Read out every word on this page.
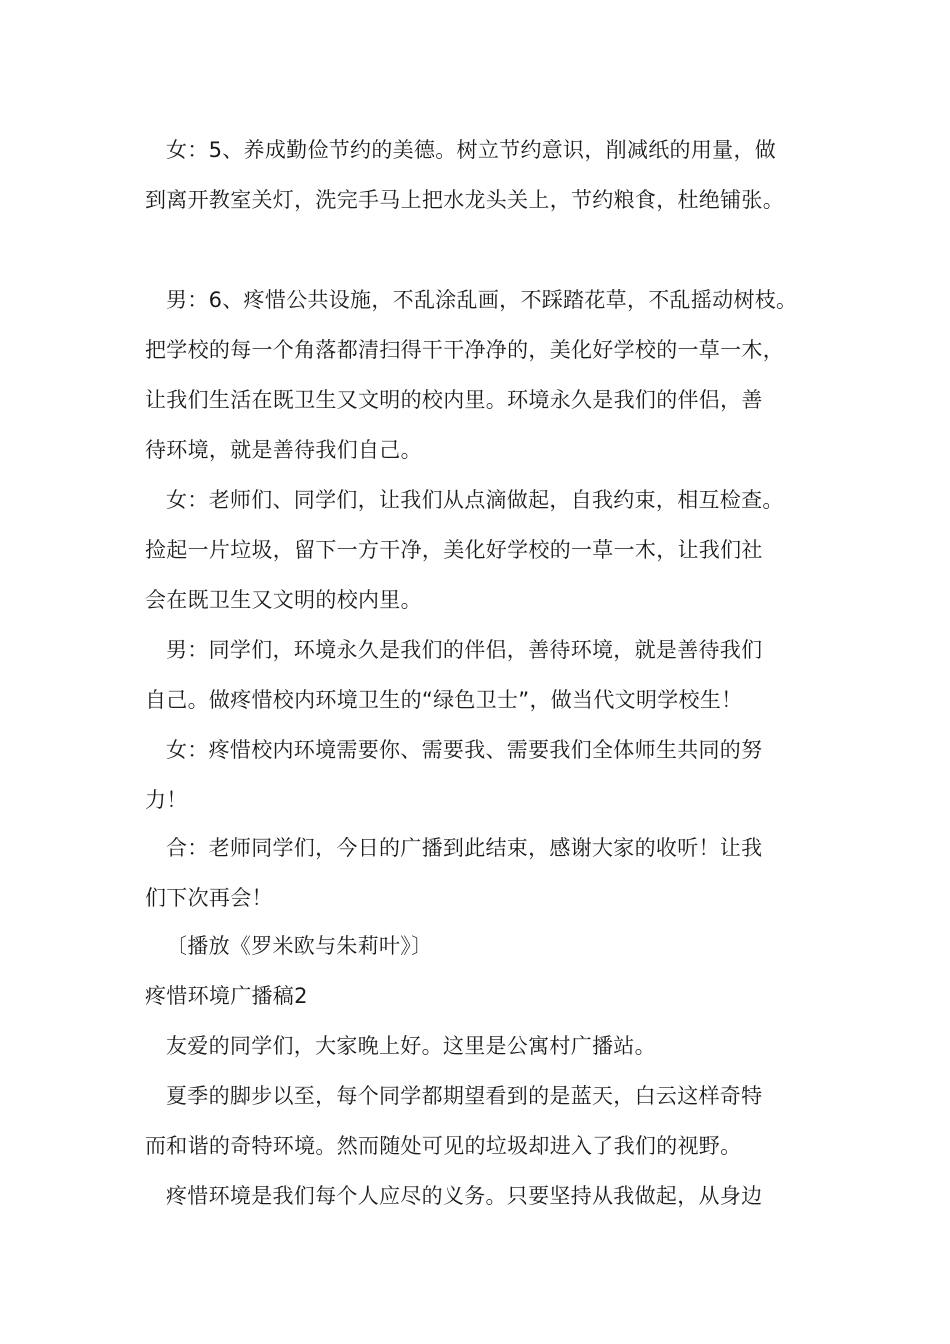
女：5、养成勤俭节约的美德。树立节约意识，削减纸的用量，做
到离开教室关灯，洗完手马上把水龙头关上，节约粮食，杜绝铺张。
男：6、疼惜公共设施，不乱涂乱画，不踩踏花草，不乱摇动树枝。
把学校的每一个角落都清扫得干干净净的，美化好学校的一草一木，
让我们生活在既卫生又文明的校内里。环境永久是我们的伴侣，善
待环境，就是善待我们自己。
女：老师们、同学们，让我们从点滴做起，自我约束，相互检查。
捡起一片垃圾，留下一方干净，美化好学校的一草一木，让我们社
会在既卫生又文明的校内里。
男：同学们，环境永久是我们的伴侣，善待环境，就是善待我们
自己。做疼惜校内环境卫生的“绿色卫士”，做当代文明学校生！
女：疼惜校内环境需要你、需要我、需要我们全体师生共同的努
力！
合：老师同学们，今日的广播到此结束，感谢大家的收听！让我
们下次再会！
〔播放《罗米欧与朱莉叶》〕
疼惜环境广播稿2
友爱的同学们，大家晚上好。这里是公寓村广播站。
夏季的脚步以至，每个同学都期望看到的是蓝天，白云这样奇特
而和谐的奇特环境。然而随处可见的垃圾却进入了我们的视野。
疼惜环境是我们每个人应尽的义务。只要坚持从我做起，从身边
